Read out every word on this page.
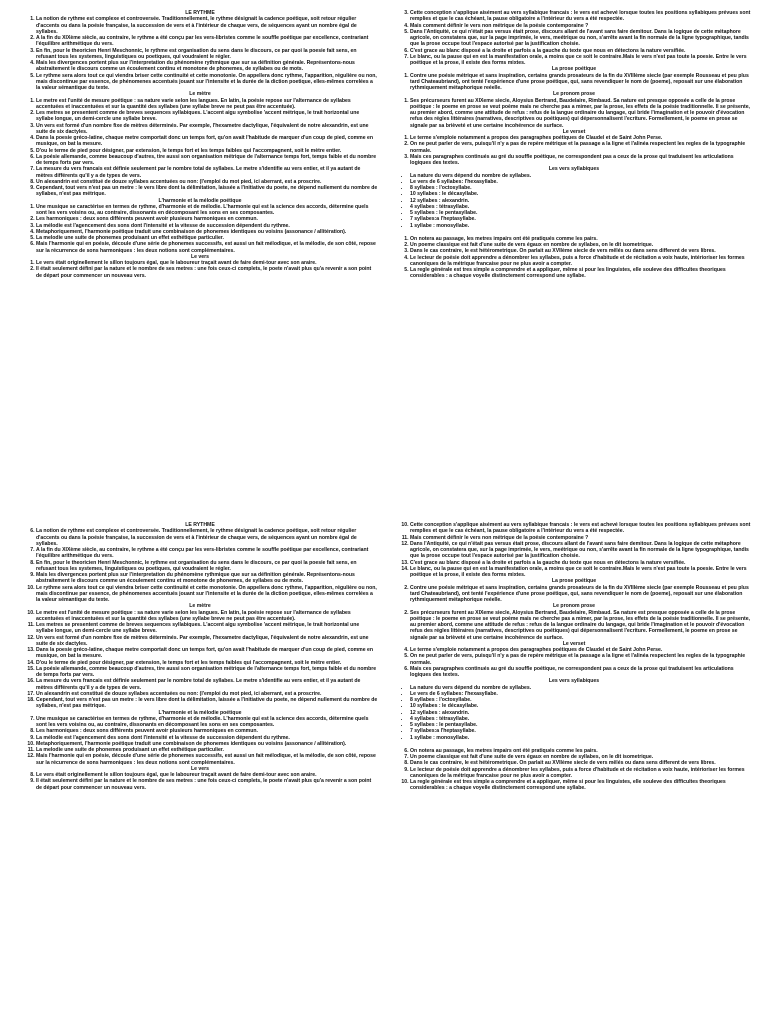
LE RYTHME

1. La notion de rythme est complexe et controversée. Traditionnellement, le rythme désignait la cadence poétique, soit retour régulier d'accents ou dans la poésie française, la succession de vers et à l'intérieur de chaque vers, de séquences ayant un nombre égal de syllabes.
2. A la fin du XIXème siècle, au contraire, le rythme a été conçu par les vers-libristes comme le souffle poétique par excellence, contrariant l'équilibre arithmétique du vers.
3. En fin, pour le theoricien Henri Meschonnic, le rythme est organisation du sens dans le discours, ce par quoi la poesie fait sens, en refusant tous les systemes, linguistiques ou poetiques, qui voudraient le régler.
4. Mais les divergences portent plus sur l'interpretation du phénomène rythmique que sur sa définition générale. Représentons-nous abstraitement le discours comme un écoulement continu et monotone de phonemes, de syllabes ou de mots.
5. Le rythme sera alors tout ce qui viendra briser cette continuité et cette monotonie. On appellera donc rythme, l'apparition, régulière ou non, mais discontinue par essence, de phénomenes accentués jouant sur l'intensite et la durée de la diction poetique, elles-mêmes correlées a la valeur sémantique du texte.

Le mètre

1. Le metre est l'unité de mesure poétique : sa nature varie selon les langues. En latin, la poésie repose sur l'alternance de syllabes accentuées et inaccentuées et sur la quantité des syllabes (une syllabe breve ne peut pas être accentuée).
2. Les metres se presentent comme de breves sequences syllabiques. L'accent aigu symbolise 'accent métrique, le trait horizontal une syllabe longue, un demi-cercle une syllabe breve.
3. Un vers est formé d'un nombre fixe de mètres déterminés. Par exemple, l'hexametre dactylique, l'équivalent de notre alexandrin, est une suite de six dactyles.
4. Dans la poesie gréco-latine, chaque metre comportait donc un temps fort, qu'on avait l'habitude de marquer d'un coup de pied, comme en musique, on bat la mesure.
5. D'ou le terme de pied pour désigner, par extension, le temps fort et les temps faibles qui l'accompagnent, soit le mètre entier.
6. La poésie allemande, comme beaucoup d'autres, tire aussi son organisation métrique de l'alternance temps fort, temps faible et du nombre de temps forts par vers.
7. La mesure du vers francais est définie seulement par le nombre total de syllabes. Le metre s'identifie au vers entier, et il ya autant de mètres différents qu'il y a de types de vers.
8. Un alexandrin est constitué de douze syllabes accentuées ou non: (l'emploi du mot pied, ici aberrant, est a proscrire.
9. Cependant, tout vers n'est pas un metre : le vers libre dont la délimitation, laissée a l'initiative du poete, ne dépend nullement du nombre de syllabes, n'est pas métrique.

L'harmonie et la mélodie poétique

1. Une musique se caractérise en termes de rythme, d'harmonie et de mélodie. L'harmonie qui est la science des accords, détermine quels sont les vers voisins ou, au contraire, dissonants en décomposant les sons en ses composantes.
2. Les harmoniques : deux sons différents peuvent avoir plusieurs harmoniques en commun.
3. La mélodie est l'agencement des sons dont l'intensité et la vitesse de succession dépendent du rythme.
4. Metaphoriquement, l'harmonie poétique traduit une combinaison de phonemes identiques ou voisins (assonance / allitération).
5. La melodie une suite de phonemes produisant un effet esthétique particulier.
6. Mais l'harmonie qui en poésie, découle d'une série de phonemes successifs, est aussi un fait mélodique, et la mélodie, de son côté, repose sur la récurrence de sons harmoniques : les deux notions sont complémentaires.

Le vers

1. Le vers était originellement le sillon toujours égal, que le laboureur traçait avant de faire demi-tour avec son araire.
2. Il était seulement défini par la nature et le nombre de ses metres : une fois ceux-ci complets, le poete n'avait plus qu'a revenir a son point de départ pour commencer un nouveau vers.
3. Cette conception s'applique aisément au vers syllabique francais : le vers est achevé lorsque toutes les positions syllabiques prévues sont remplies et que le cas échéant, la pause obligatoire a l'intérieur du vers a été respectée.
4. Mais comment définir le vers non métrique de la poésie contemporaine ?
5. Dans l'Antiquité, ce qui n'était pas versus était prose, discours allant de l'avant sans faire demitour. Dans la logique de cette métaphore agricole, on constatera que, sur la page imprimée, le vers, meétrique ou non, s'arrête avant la fin normale de la ligne typographique, tandis que la prose occupe tout l'espace autorisé par la justification choisie.
6. C'est grace au blanc disposé a la droite et parfois a la gauche du texte que nous en détectons la nature versifiée.
7. Le blanc, ou la pause qui en est la manifestation orale, a moins que ce soit le contraire.Mais le vers n'est pas toute la poesie. Entre le vers poétique et la prose, il existe des forms mixtes.

La prose poétique

1. Contre une poésie métrique et sans inspiration, certains grands prosateurs de la fin du XVIIIème siecle (par exemple Rousseau et peu plus tard Chateaubriand), ont tenté l'expérience d'une prose poétique, qui, sans revendiquer le nom de (poeme), reposait sur une élaboration rythmiquement métaphorique reéelle.

Le pronom prose

1. Ses précurseurs furent au XIXeme siecle, Aloysius Bertrand, Baudelaire, Rimbaud. Sa nature est presque opposée a celle de la prose poétique : le poeme en prose se veut poème mais ne cherche pas a mimer, par la prose, les effets de la poésie traditionnelle. Il se présente, au premier abord, comme une attitude de refus : refus de la langue ordinaire du langage, qui bride l'imagination et le pouvoir d'évocation refus des régles littéraires (narratives, descriptives ou poétiques) qui dépersonnalisent l'ecriture. Formellement, le poeme en prose se signale par sa brièveté et une certaine incohérence de surface.

Le verset

1. Le terme s'emploie notamment a propos des paragraphes poétiques de Claudel et de Saint John Perse.
2. On ne peut parler de vers, puisqu'il n'y a pas de repère métrique et la passage a la ligne et l'alinéa respectent les regles de la typographie normale.
3. Mais ces paragraphes continués au gré du souffle poétique, ne correspondent pas a ceux de la prose qui traduisent les articulations logiques des textes.

Les vers syllabiques

• La nature du vers dépend du nombre de syllabes.
• Le vers de 6 syllabes: l'hexasyllabe.
• 8 syllabes : l'octosyllabe.
• 10 syllabes : le décasyllabe.
• 12 syllabes : alexandrin.
• 4 syllabes : tétrasyllabe.
• 5 syllabes : le pentasyllabe.
• 7 syllabes:a l'heptasyllabe.
• 1 syllabe : monosyllabe.
1. On notera au passage, les metres impairs ont été pratiqués comme les pairs.
2. Un poeme classique est fait d'une suite de vers égaux en nombre de syllabes, on le dit isometrique.
3. Dans le cas contraire, le est hétérometrique. On parlait au XVIIème siecle de vers mêlés ou dans sens different de vers libres.
4. Le lecteur de poésie doit apprendre a dénombrer les syllabes, puis a force d'habitude et de récitation a voix haute, intérioriser les formes canoniques de la métrique francaise pour ne plus avoir a compter.
5. La regle générale est tres simple a comprendre et a appliquer, même si pour les linguistes, elle souleve des difficultes theoriques considerables : a chaque voyelle distinctement correspond une syllabe.

LE RYTHME

6. La notion de rythme est complexe et controversée. Traditionnellement, le rythme désignait la cadence poétique, soit retour régulier d'accents ou dans la poésie française, la succession de vers et à l'intérieur de chaque vers, de séquences ayant un nombre égal de syllabes.
7. A la fin du XIXème siècle, au contraire, le rythme a été conçu par les vers-libristes comme le souffle poétique par excellence, contrariant l'équilibre arithmétique du vers.
8. En fin, pour le theoricien Henri Meschonnic, le rythme est organisation du sens dans le discours, ce par quoi la poesie fait sens, en refusant tous les systemes, linguistiques ou poetiques, qui voudraient le régler.
9. Mais les divergences portent plus sur l'interpretation du phénomène rythmique que sur sa définition générale. Représentons-nous abstraitement le discours comme un écoulement continu et monotone de phonemes, de syllabes ou de mots.
10. Le rythme sera alors tout ce qui viendra briser cette continuité et cette monotonie. On appellera donc rythme, l'apparition, régulière ou non, mais discontinue par essence, de phénomenes accentués jouant sur l'intensite et la durée de la diction poetique, elles-mêmes correlées a la valeur sémantique du texte.

Le mètre

10. Le metre est l'unité de mesure poétique : sa nature varie selon les langues. En latin, la poésie repose sur l'alternance de syllabes accentuées et inaccentuées et sur la quantité des syllabes (une syllabe breve ne peut pas être accentuée).
11. Les metres se presentent comme de breves sequences syllabiques. L'accent aigu symbolise 'accent métrique, le trait horizontal une syllabe longue, un demi-cercle une syllabe breve.
12. Un vers est formé d'un nombre fixe de mètres déterminés. Par exemple, l'hexametre dactylique, l'équivalent de notre alexandrin, est une suite de six dactyles.
13. Dans la poesie gréco-latine, chaque metre comportait donc un temps fort, qu'on avait l'habitude de marquer d'un coup de pied, comme en musique, on bat la mesure.
14. D'ou le terme de pied pour désigner, par extension, le temps fort et les temps faibles qui l'accompagnent, soit le mètre entier.
15. La poésie allemande, comme beaucoup d'autres, tire aussi son organisation métrique de l'alternance temps fort, temps faible et du nombre de temps forts par vers.
16. La mesure du vers francais est définie seulement par le nombre total de syllabes. Le metre s'identifie au vers entier, et il ya autant de mètres différents qu'il y a de types de vers.
17. Un alexandrin est constitué de douze syllabes accentuées ou non: (l'emploi du mot pied, ici aberrant, est a proscrire.
18. Cependant, tout vers n'est pas un metre : le vers libre dont la délimitation, laissée a l'initiative du poete, ne dépend nullement du nombre de syllabes, n'est pas métrique.

L'harmonie et la mélodie poétique

7. Une musique se caractérise en termes de rythme, d'harmonie et de mélodie. L'harmonie qui est la science des accords, détermine quels sont les vers voisins ou, au contraire, dissonants en décomposant les sons en ses composantes.
8. Les harmoniques : deux sons différents peuvent avoir plusieurs harmoniques en commun.
9. La mélodie est l'agencement des sons dont l'intensité et la vitesse de succession dépendent du rythme.
10. Metaphoriquement, l'harmonie poétique traduit une combinaison de phonemes identiques ou voisins (assonance / allitération).
11. La melodie une suite de phonemes produisant un effet esthétique particulier.
12. Mais l'harmonie qui en poésie, découle d'une série de phonemes successifs, est aussi un fait mélodique, et la mélodie, de son côté, repose sur la récurrence de sons harmoniques : les deux notions sont complémentaires.

Le vers

8. Le vers était originellement le sillon toujours égal, que le laboureur traçait avant de faire demi-tour avec son araire.
9. Il était seulement défini par la nature et le nombre de ses metres : une fois ceux-ci complets, le poete n'avait plus qu'a revenir a son point de départ pour commencer un nouveau vers.
10. Cette conception s'applique aisément au vers syllabique francais : le vers est achevé lorsque toutes les positions syllabiques prévues sont remplies et que le cas échéant, la pause obligatoire a l'intérieur du vers a été respectée.
11. Mais comment définir le vers non métrique de la poésie contemporaine ?
12. Dans l'Antiquité, ce qui n'était pas versus était prose, discours allant de l'avant sans faire demitour. Dans la logique de cette métaphore agricole, on constatera que, sur la page imprimée, le vers, meétrique ou non, s'arrête avant la fin normale de la ligne typographique, tandis que la prose occupe tout l'espace autorisé par la justification choisie.
13. C'est grace au blanc disposé a la droite et parfois a la gauche du texte que nous en détectons la nature versifiée.
14. Le blanc, ou la pause qui en est la manifestation orale, a moins que ce soit le contraire.Mais le vers n'est pas toute la poesie. Entre le vers poétique et la prose, il existe des forms mixtes.

La prose poétique

2. Contre une poésie métrique et sans inspiration, certains grands prosateurs de la fin du XVIIIème siecle (par exemple Rousseau et peu plus tard Chateaubriand), ont tenté l'expérience d'une prose poétique, qui, sans revendiquer le nom de (poeme), reposait sur une élaboration rythmiquement métaphorique reéelle.

Le pronom prose

2. Ses précurseurs furent au XIXeme siecle, Aloysius Bertrand, Baudelaire, Rimbaud. Sa nature est presque opposée a celle de la prose poétique : le poeme en prose se veut poème mais ne cherche pas a mimer, par la prose, les effets de la poésie traditionnelle. Il se présente, au premier abord, comme une attitude de refus : refus de la langue ordinaire du langage, qui bride l'imagination et le pouvoir d'évocation refus des régles littéraires (narratives, descriptives ou poétiques) qui dépersonnalisent l'ecriture. Formellement, le poeme en prose se signale par sa brièveté et une certaine incohérence de surface.

Le verset

4. Le terme s'emploie notamment a propos des paragraphes poétiques de Claudel et de Saint John Perse.
5. On ne peut parler de vers, puisqu'il n'y a pas de repère métrique et la passage a la ligne et l'alinéa respectent les regles de la typographie normale.
6. Mais ces paragraphes continués au gré du souffle poétique, ne correspondent pas a ceux de la prose qui traduisent les articulations logiques des textes.

Les vers syllabiques

• La nature du vers dépend du nombre de syllabes.
• Le vers de 6 syllabes: l'hexasyllabe.
• 8 syllabes : l'octosyllabe.
• 10 syllabes : le décasyllabe.
• 12 syllabes : alexandrin.
• 4 syllabes : tétrasyllabe.
• 5 syllabes : le pentasyllabe.
• 7 syllabes:a l'heptasyllabe.
• 1 syllabe : monosyllabe.
6. On notera au passage, les metres impairs ont été pratiqués comme les pairs.
7. Un poeme classique est fait d'une suite de vers égaux en nombre de syllabes, on le dit isometrique.
8. Dans le cas contraire, le est hétérometrique. On parlait au XVIIème siecle de vers mêlés ou dans sens different de vers libres.
9. Le lecteur de poésie doit apprendre a dénombrer les syllabes, puis a force d'habitude et de récitation a voix haute, intérioriser les formes canoniques de la métrique francaise pour ne plus avoir a compter.
10. La regle générale est tres simple a comprendre et a appliquer, même si pour les linguistes, elle souleve des difficultes theoriques considerables : a chaque voyelle distinctement correspond une syllabe.
